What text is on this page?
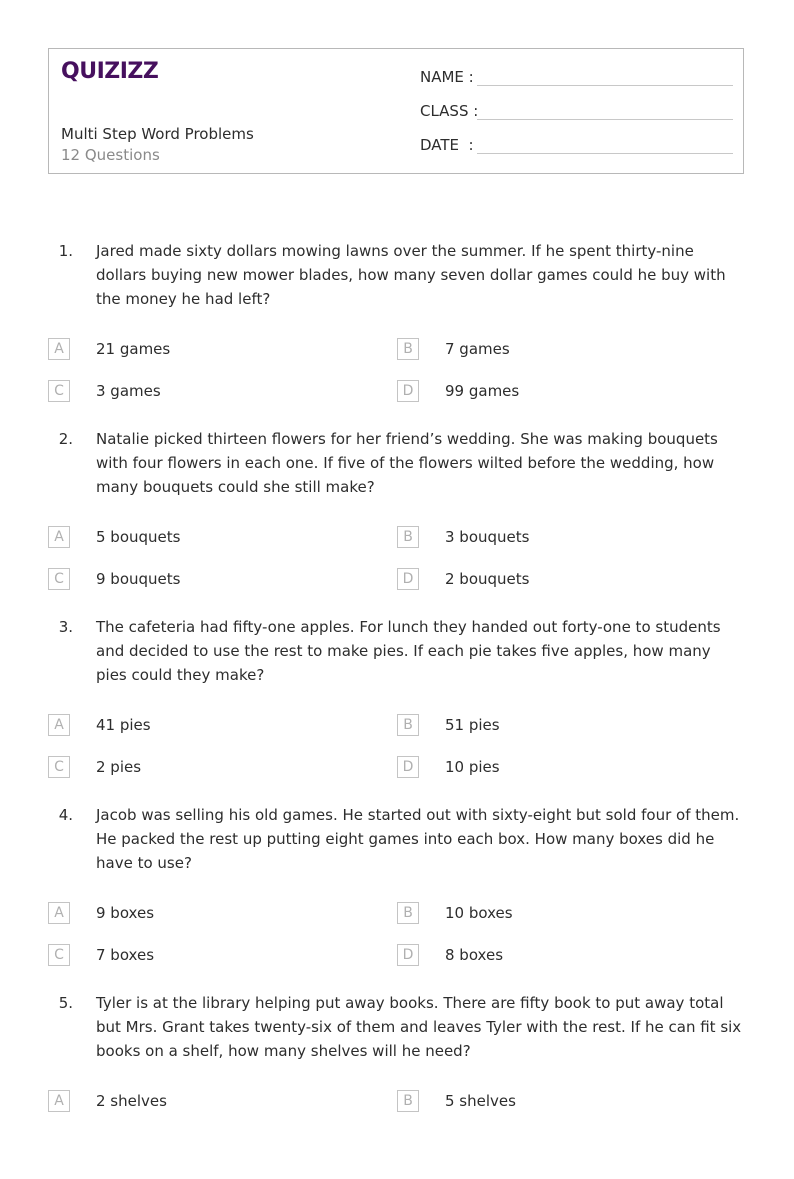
QUIZIZZ
Multi Step Word Problems
12 Questions
NAME :
CLASS :
DATE  :
1. Jared made sixty dollars mowing lawns over the summer. If he spent thirty-nine dollars buying new mower blades, how many seven dollar games could he buy with the money he had left?
A	21 games	B	7 games
C	3 games	D	99 games
2. Natalie picked thirteen flowers for her friend’s wedding. She was making bouquets with four flowers in each one. If five of the flowers wilted before the wedding, how many bouquets could she still make?
A	5 bouquets	B	3 bouquets
C	9 bouquets	D	2 bouquets
3. The cafeteria had fifty-one apples. For lunch they handed out forty-one to students and decided to use the rest to make pies. If each pie takes five apples, how many pies could they make?
A	41 pies	B	51 pies
C	2 pies	D	10 pies
4. Jacob was selling his old games. He started out with sixty-eight but sold four of them. He packed the rest up putting eight games into each box. How many boxes did he have to use?
A	9 boxes	B	10 boxes
C	7 boxes	D	8 boxes
5. Tyler is at the library helping put away books. There are fifty book to put away total but Mrs. Grant takes twenty-six of them and leaves Tyler with the rest. If he can fit six books on a shelf, how many shelves will he need?
A	2 shelves	B	5 shelves
